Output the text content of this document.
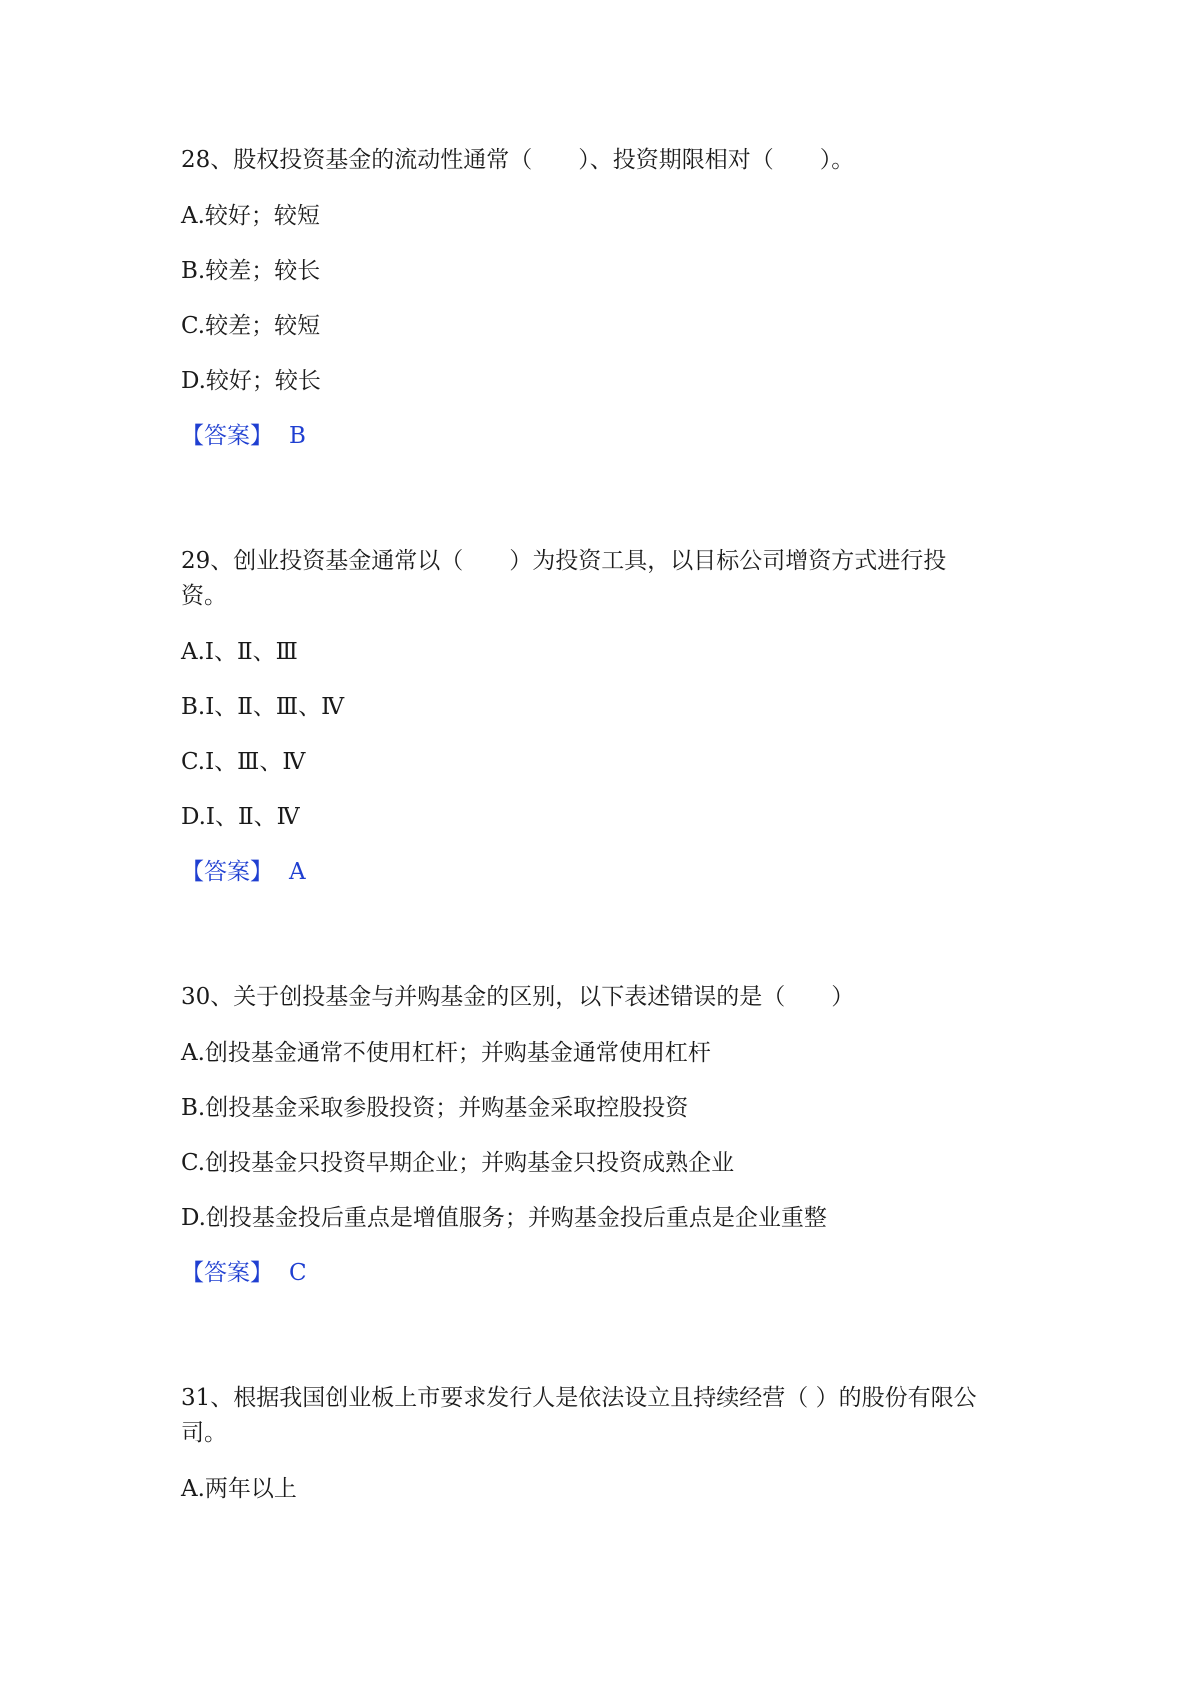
28、股权投资基金的流动性通常（　　）、投资期限相对（　　）。
A.较好；较短
B.较差；较长
C.较差；较短
D.较好；较长
【答案】 B
29、创业投资基金通常以（　　）为投资工具，以目标公司增资方式进行投
资。
A.Ⅰ、Ⅱ、Ⅲ
B.Ⅰ、Ⅱ、Ⅲ、Ⅳ
C.Ⅰ、Ⅲ、Ⅳ
D.Ⅰ、Ⅱ、Ⅳ
【答案】 A
30、关于创投基金与并购基金的区别，以下表述错误的是（　　）
A.创投基金通常不使用杠杆；并购基金通常使用杠杆
B.创投基金采取参股投资；并购基金采取控股投资
C.创投基金只投资早期企业；并购基金只投资成熟企业
D.创投基金投后重点是增值服务；并购基金投后重点是企业重整
【答案】 C
31、根据我国创业板上市要求发行人是依法设立且持续经营（ ）的股份有限公
司。
A.两年以上
